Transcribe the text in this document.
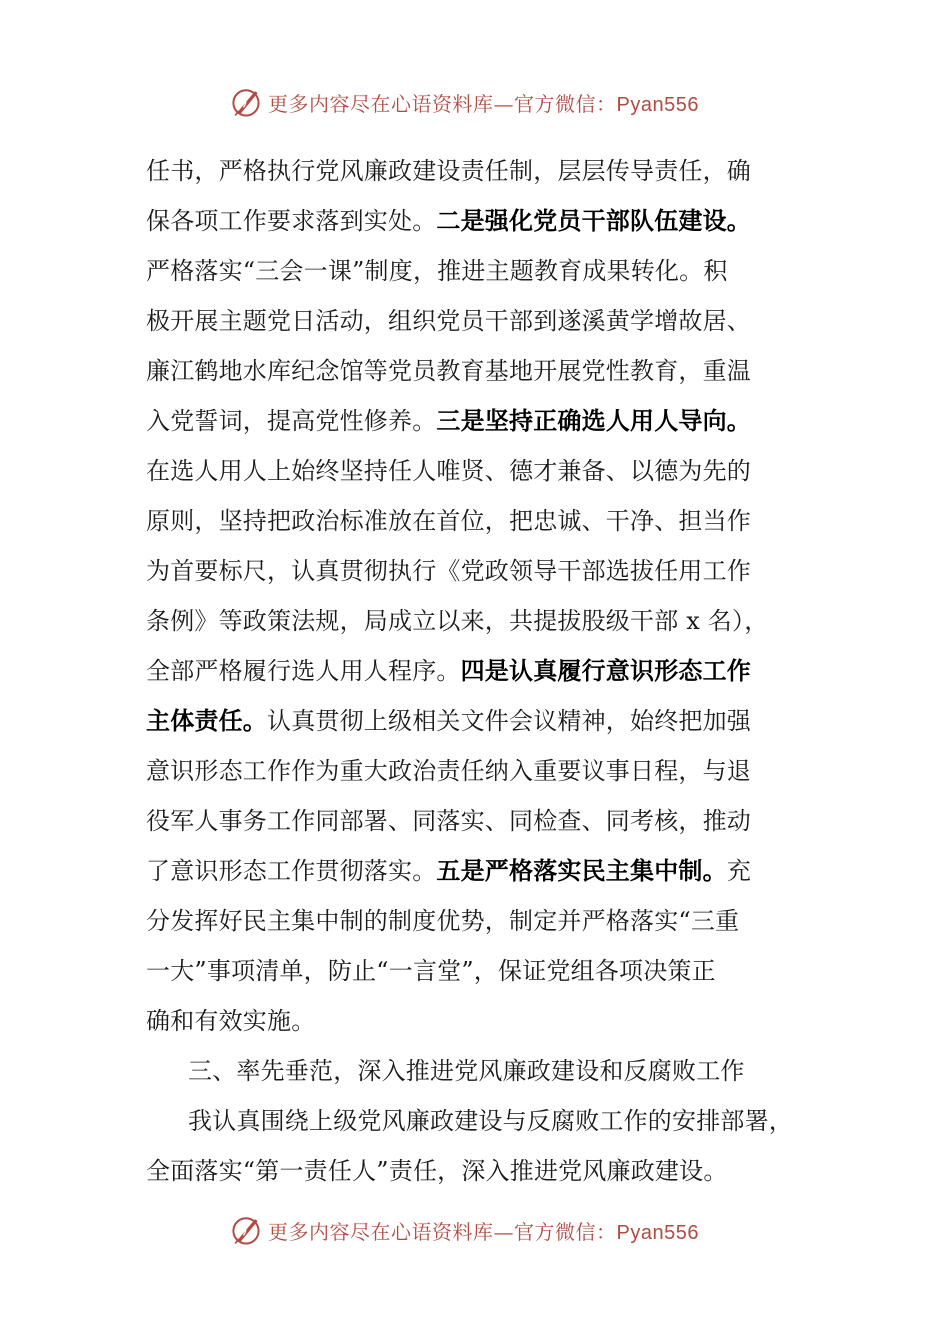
更多内容尽在心语资料库—官方微信：Pyan556
任书，严格执行党风廉政建设责任制，层层传导责任，确
保各项工作要求落到实处。二是强化党员干部队伍建设。
严格落实“三会一课”制度，推进主题教育成果转化。积
极开展主题党日活动，组织党员干部到遂溪黄学增故居、
廉江鹤地水库纪念馆等党员教育基地开展党性教育，重温
入党誓词，提高党性修养。三是坚持正确选人用人导向。
在选人用人上始终坚持任人唯贤、德才兼备、以德为先的
原则，坚持把政治标准放在首位，把忠诚、干净、担当作
为首要标尺，认真贯彻执行《党政领导干部选拔任用工作
条例》等政策法规，局成立以来，共提拔股级干部 x 名），
全部严格履行选人用人程序。四是认真履行意识形态工作
主体责任。认真贯彻上级相关文件会议精神，始终把加强
意识形态工作作为重大政治责任纳入重要议事日程，与退
役军人事务工作同部署、同落实、同检查、同考核，推动
了意识形态工作贯彻落实。五是严格落实民主集中制。充
分发挥好民主集中制的制度优势，制定并严格落实“三重
一大”事项清单，防止“一言堂”，保证党组各项决策正
确和有效实施。
三、率先垂范，深入推进党风廉政建设和反腐败工作
我认真围绕上级党风廉政建设与反腐败工作的安排部署，
全面落实“第一责任人”责任，深入推进党风廉政建设。
更多内容尽在心语资料库—官方微信：Pyan556
